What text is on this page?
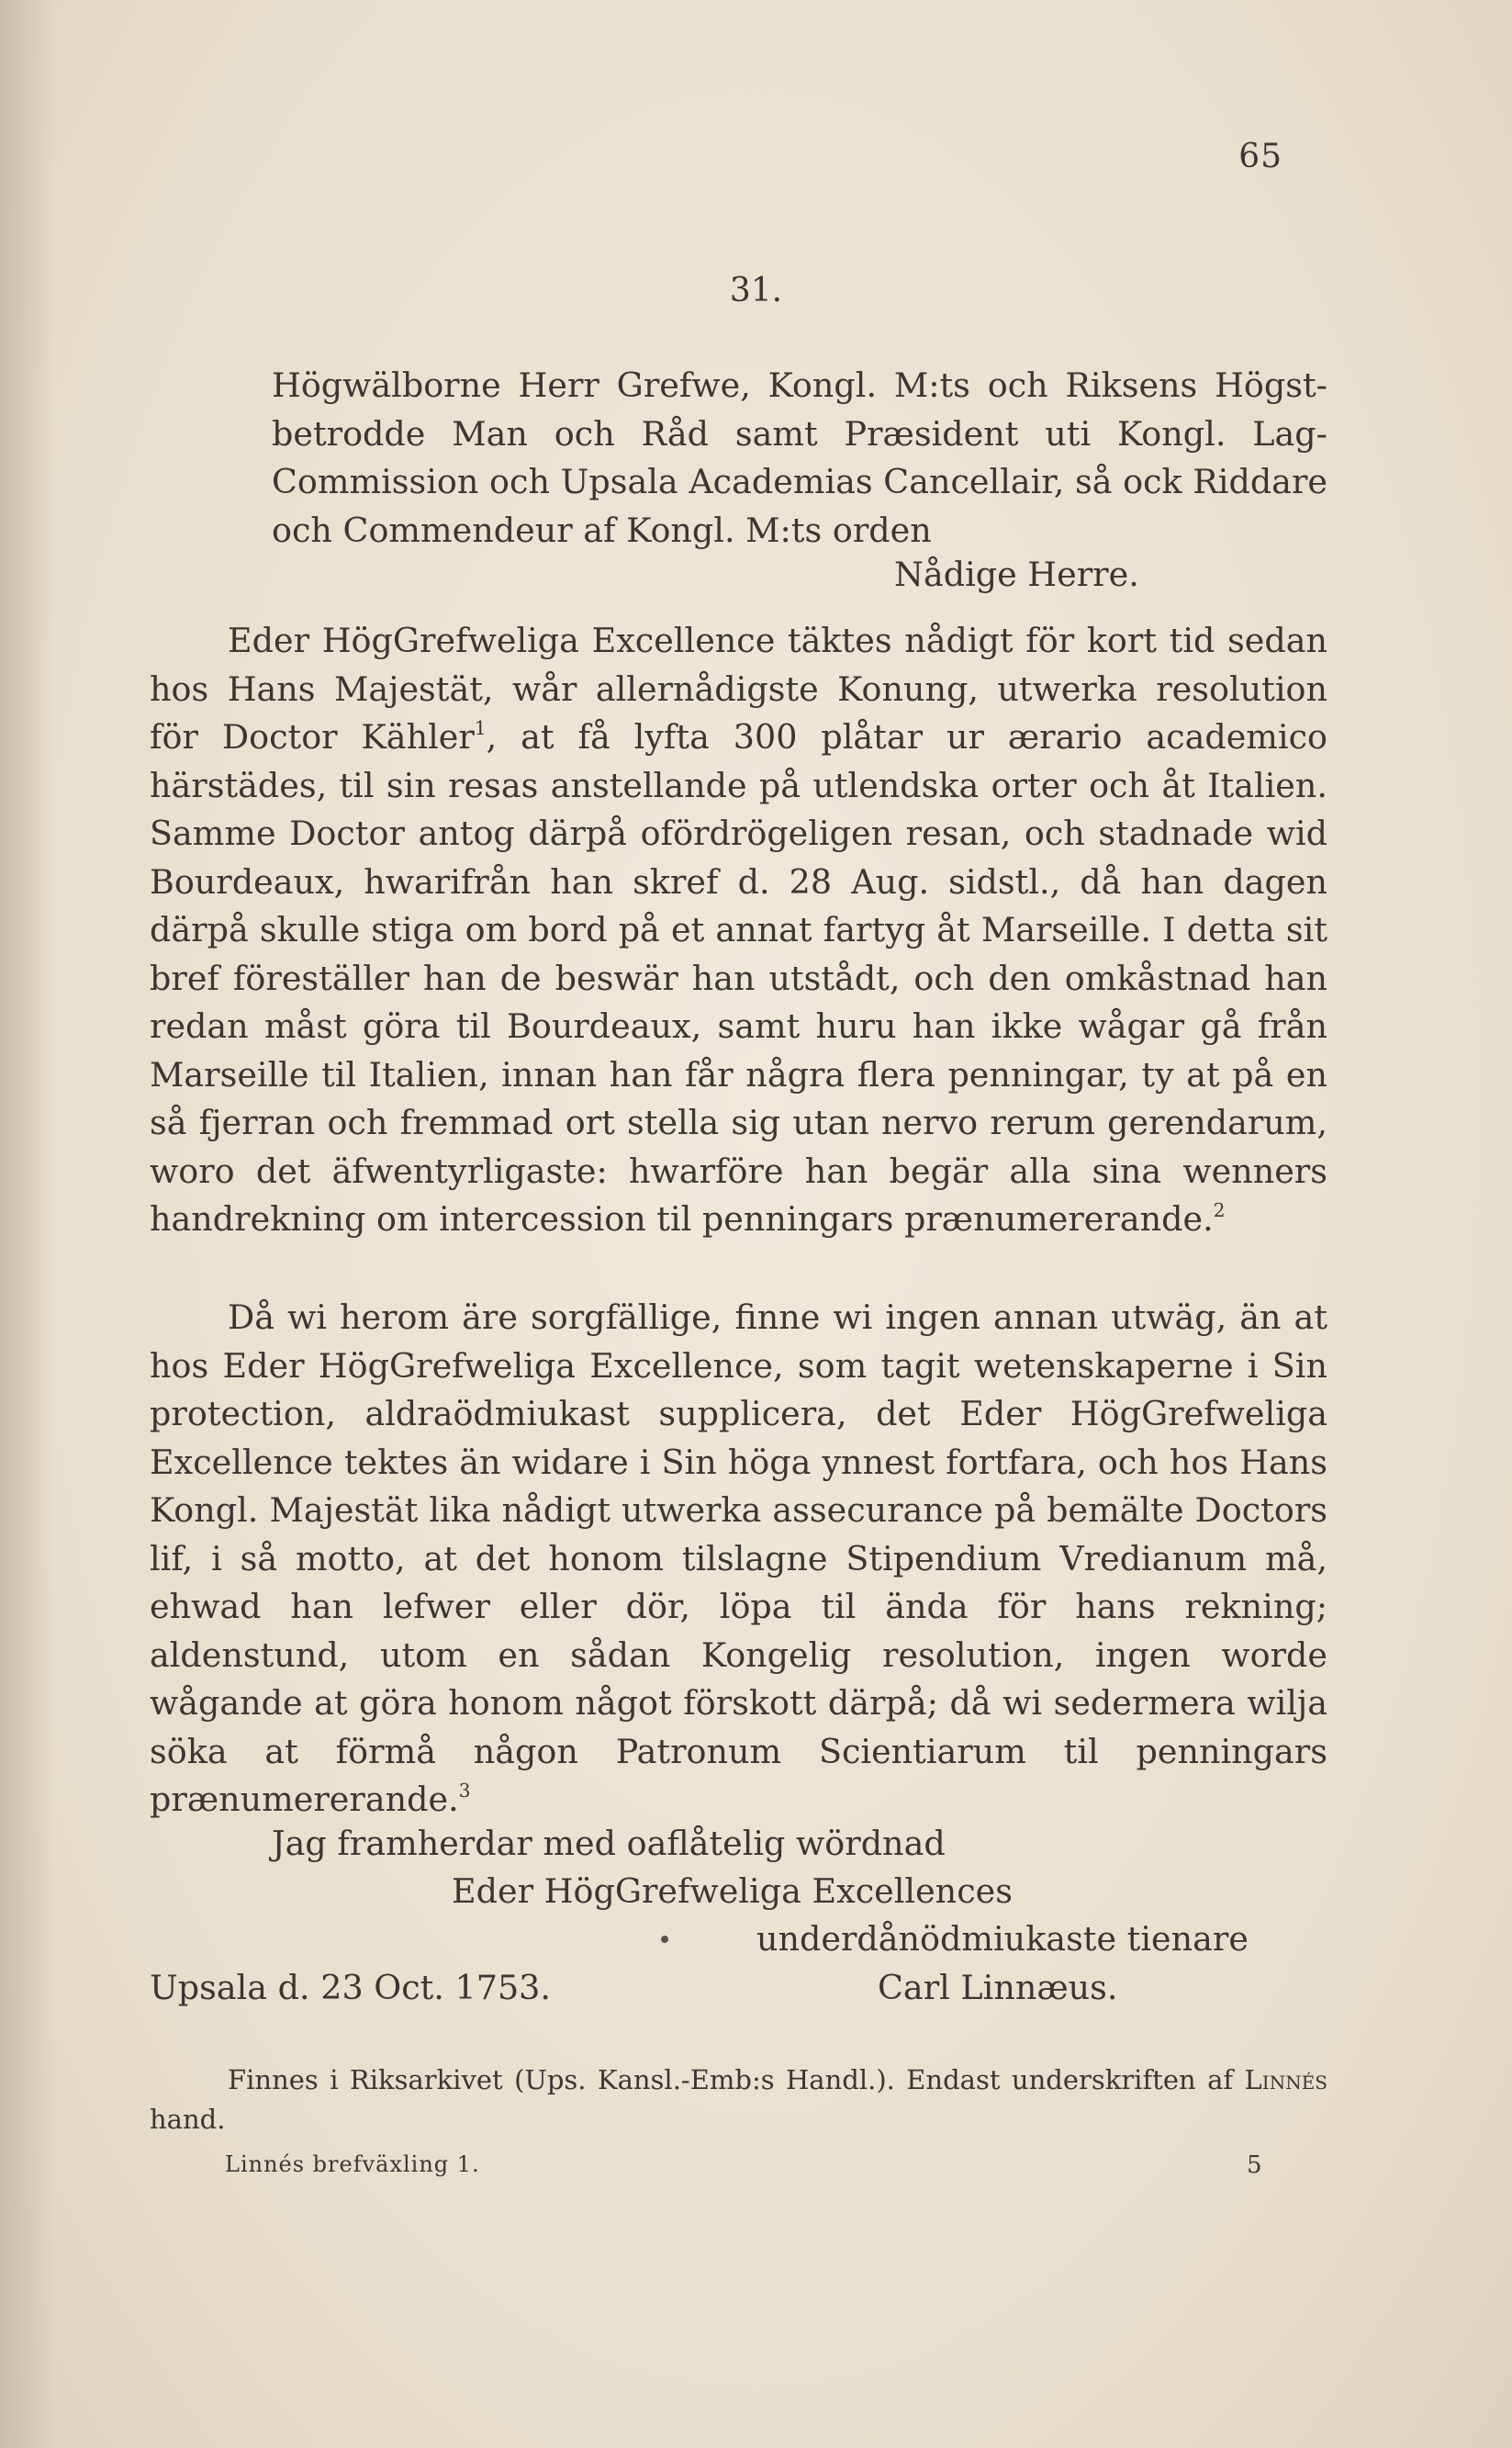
65
31.
Högwälborne Herr Grefwe, Kongl. M:ts och Riksens Högst-betrodde Man och Råd samt Præsident uti Kongl. Lag-Commission och Upsala Academias Cancellair, så ock Riddare och Commendeur af Kongl. M:ts orden
Nådige Herre.
Eder HögGrefweliga Excellence täktes nådigt för kort tid sedan hos Hans Majestät, wår allernådigste Konung, utwerka resolution för Doctor Kähler$^1$, at få lyfta 300 plåtar ur ærario academico härstädes, til sin resas anstellande på utlendska orter och åt Italien. Samme Doctor antog därpå ofördrögeligen resan, och stadnade wid Bourdeaux, hwarifrån han skref d. 28 Aug. sidstl., då han dagen därpå skulle stiga om bord på et annat fartyg åt Marseille. I detta sit bref föreställer han de beswär han utstådt, och den omkåstnad han redan måst göra til Bourdeaux, samt huru han ikke wågar gå från Marseille til Italien, innan han får några flera penningar, ty at på en så fjerran och fremmad ort stella sig utan nervo rerum gerendarum, woro det äfwentyrligaste: hwarföre han begär alla sina wenners handrekning om intercession til penningars prænumererande.$^2$
Då wi herom äre sorgfällige, finne wi ingen annan utwäg, än at hos Eder HögGrefweliga Excellence, som tagit wetenskaperne i Sin protection, aldraödmiukast supplicera, det Eder HögGrefweliga Excellence tektes än widare i Sin höga ynnest fortfara, och hos Hans Kongl. Majestät lika nådigt utwerka assecurance på bemälte Doctors lif, i så motto, at det honom tilslagne Stipendium Vredianum må, ehwad han lefwer eller dör, löpa til ända för hans rekning; aldenstund, utom en sådan Kongelig resolution, ingen worde wågande at göra honom något förskott därpå; då wi sedermera wilja söka at förmå någon Patronum Scientiarum til penningars prænumererande.$^3$
Jag framherdar med oaflåtelig wördnad
Eder HögGrefweliga Excellences
underdånödmiukaste tienare
Upsala d. 23 Oct. 1753.	Carl Linnæus.
Finnes i Riksarkivet (Ups. Kansl.-Emb:s Handl.). Endast underskriften af Linnés hand.
Linnés brefväxling 1.	5
